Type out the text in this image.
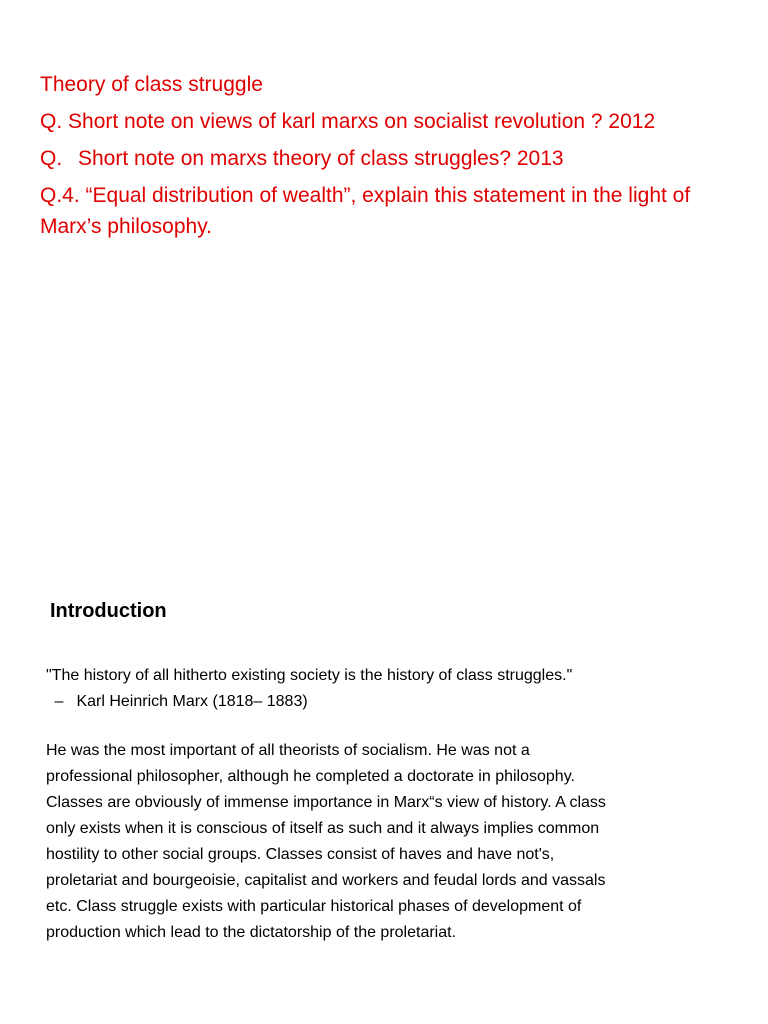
Theory of class struggle
Q. Short note on views of karl marxs on socialist revolution ? 2012
Q. Short note on marxs theory of class struggles? 2013
Q.4. “Equal distribution of wealth”, explain this statement in the light of Marx’s philosophy.
Introduction
"The history of all hitherto existing society is the history of class struggles."
– Karl Heinrich Marx (1818– 1883)
He was the most important of all theorists of socialism. He was not a
professional philosopher, although he completed a doctorate in philosophy.
Classes are obviously of immense importance in Marx“s view of history. A class
only exists when it is conscious of itself as such and it always implies common
hostility to other social groups. Classes consist of haves and have not's,
proletariat and bourgeoisie, capitalist and workers and feudal lords and vassals
etc. Class struggle exists with particular historical phases of development of
production which lead to the dictatorship of the proletariat.
